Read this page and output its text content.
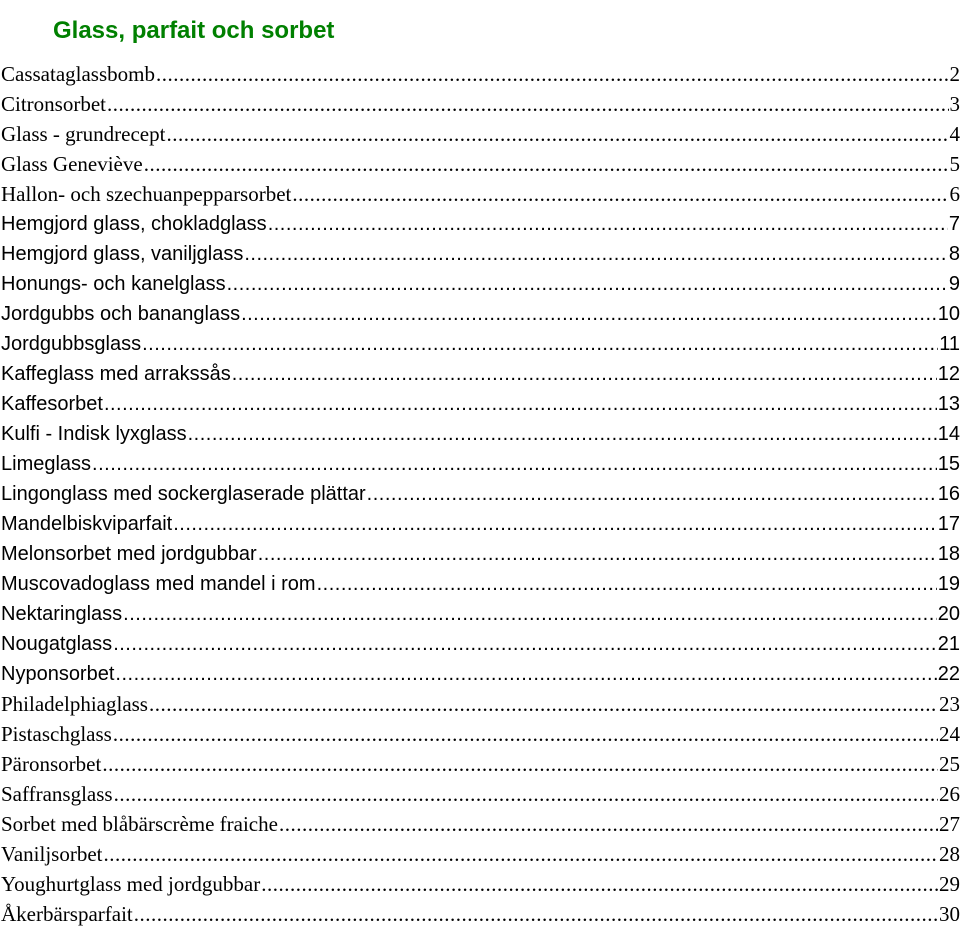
Glass, parfait och sorbet
Cassataglassbomb .....	2
Citronsorbet .....	3
Glass - grundrecept .....	4
Glass Geneviève .....	5
Hallon- och szechuanpepparsorbet .....	6
Hemgjord glass, chokladglass .....	7
Hemgjord glass, vaniljglass .....	8
Honungs- och kanelglass .....	9
Jordgubbs och bananglass .....	10
Jordgubbsglass .....	11
Kaffeglass med arrakssås .....	12
Kaffesorbet .....	13
Kulfi - Indisk lyxglass .....	14
Limeglass .....	15
Lingonglass med sockerglaserade plättar .....	16
Mandelbiskviparfait .....	17
Melonsorbet med jordgubbar .....	18
Muscovadoglass med mandel i rom .....	19
Nektaringlass .....	20
Nougatglass .....	21
Nyponsorbet .....	22
Philadelphiaglass .....	23
Pistaschglass .....	24
Päronsorbet .....	25
Saffransglass .....	26
Sorbet med blåbärscrème fraiche .....	27
Vaniljsorbet .....	28
Youghurtglass med jordgubbar .....	29
Åkerbärsparfait .....	30
